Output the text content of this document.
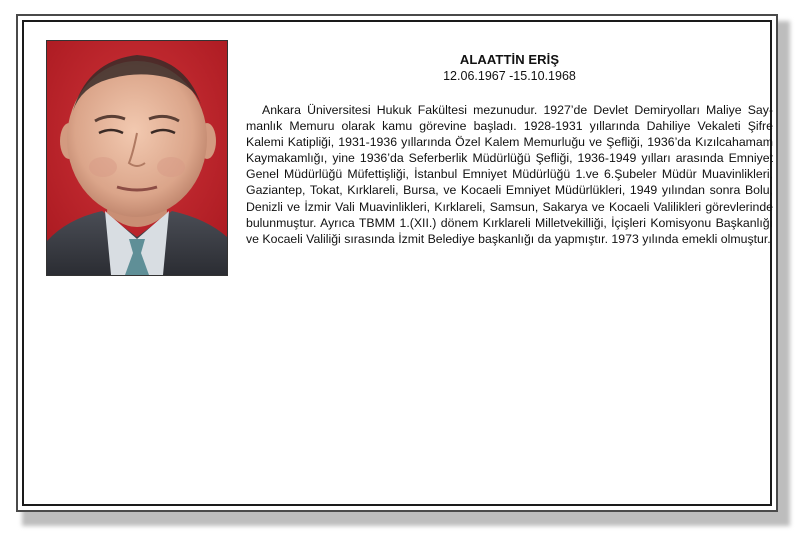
ALAATTİN ERİŞ
12.06.1967 -15.10.1968

Ankara Üniversitesi Hukuk Fakültesi mezunudur. 1927’de Devlet Demiryolları Maliye Saymanlık Memuru olarak kamu görevine başladı. 1928-1931 yıllarında Dahiliye Vekaleti Şifre Kalemi Katipliği, 1931-1936 yıllarında Özel Kalem Memurluğu ve Şefliği, 1936’da Kızılcahamam Kaymakamlığı, yine 1936’da Seferberlik Müdürlüğü Şefliği, 1936-1949 yılları arasında Emniyet Genel Müdürlüğü Müfettişliği, İstanbul Emniyet Müdürlüğü 1.ve 6.Şubeler Müdür Muavinlikleri, Gaziantep, Tokat, Kırklareli, Bursa, ve Kocaeli Emniyet Müdürlükleri, 1949 yılından sonra Bolu, Denizli ve İzmir Vali Muavinlikleri, Kırklareli, Samsun, Sakarya ve Kocaeli Valilikleri görevlerinde bulunmuştur. Ayrıca TBMM 1.(XII.) dönem Kırklareli Milletvekilliği, İçişleri Komisyonu Başkanlığı ve Kocaeli Valiliği sırasında İzmit Belediye başkanlığı da yapmıştır. 1973 yılında emekli olmuştur.
